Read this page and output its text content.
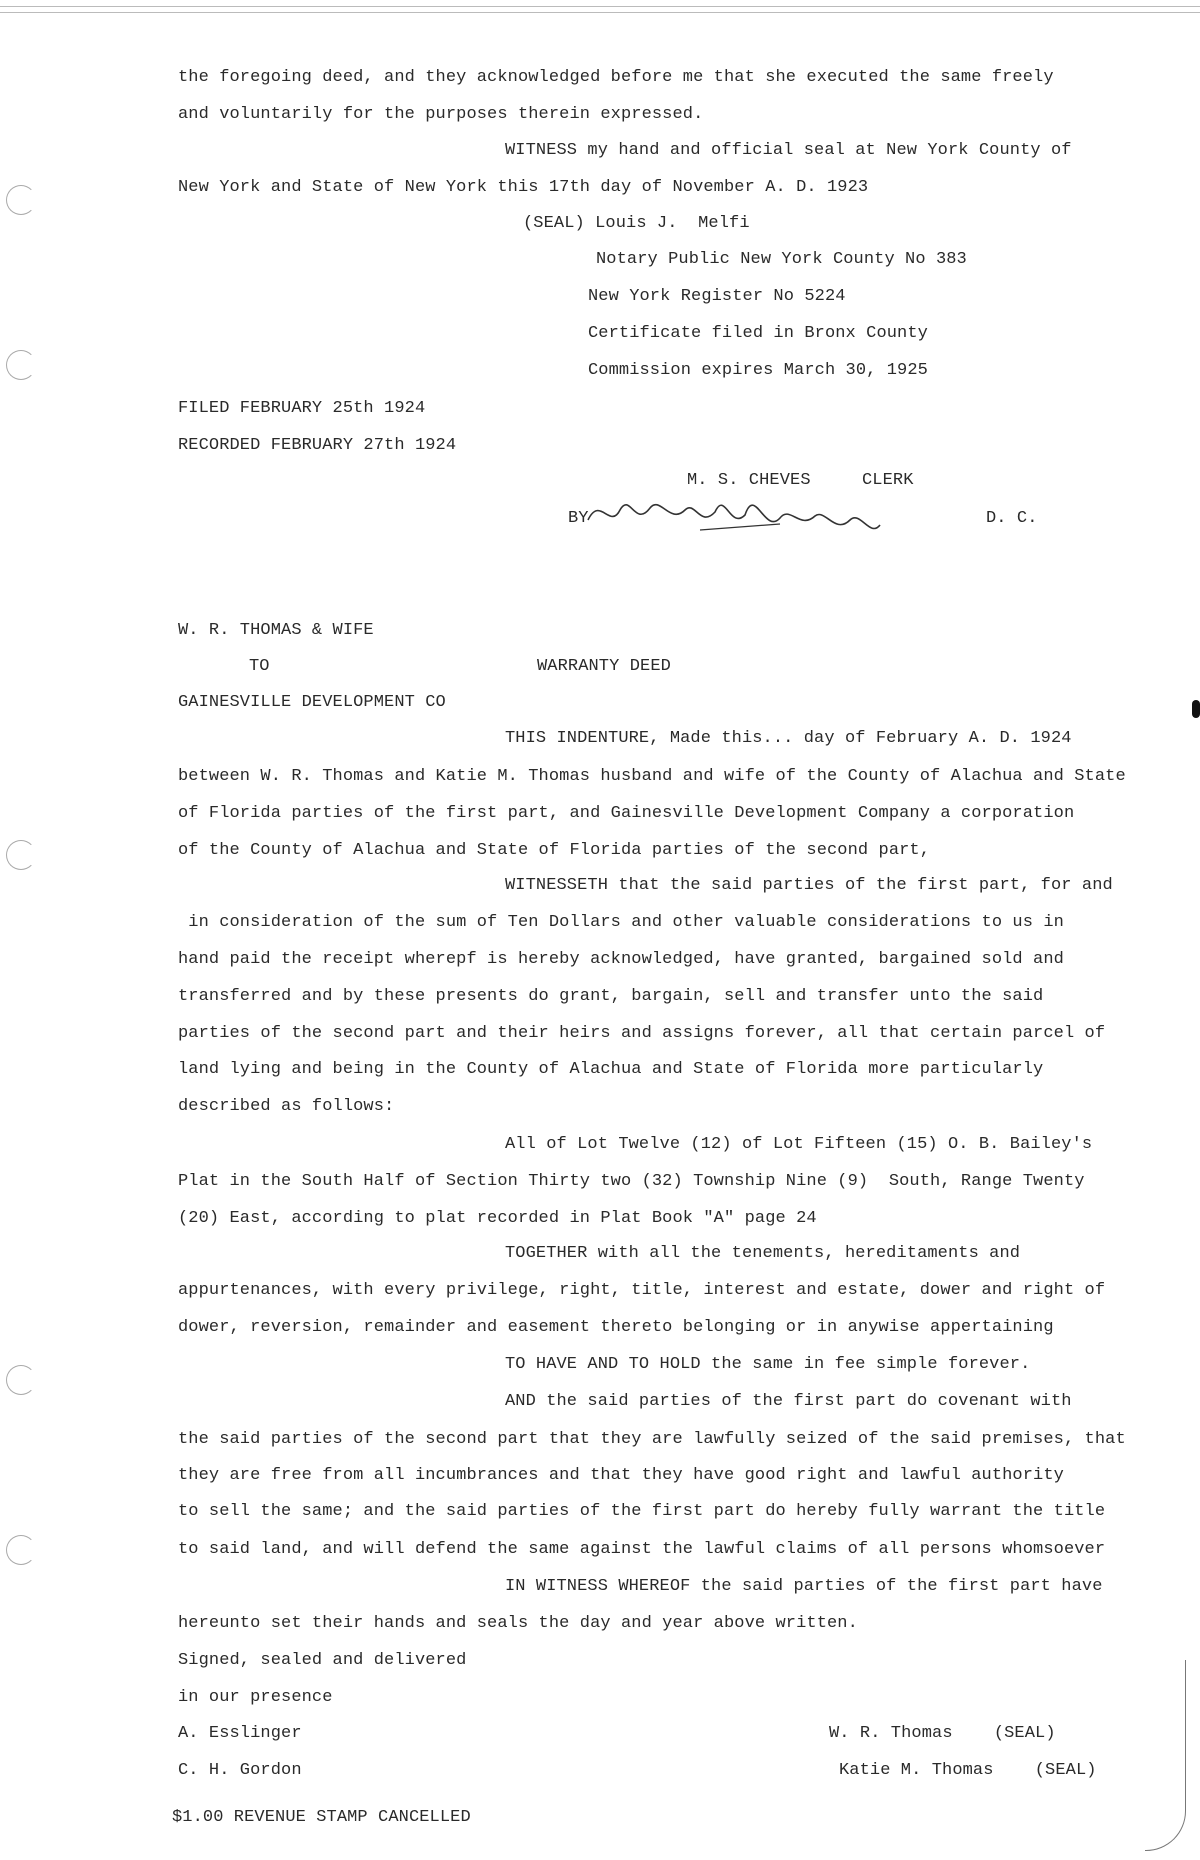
the foregoing deed, and they acknowledged before me that she executed the same freely
and voluntarily for the purposes therein expressed.
WITNESS my hand and official seal at New York County of
New York and State of New York this 17th day of November A. D. 1923
(SEAL) Louis J.  Melfi
Notary Public New York County No 383
New York Register No 5224
Certificate filed in Bronx County
Commission expires March 30, 1925
FILED FEBRUARY 25th 1924
RECORDED FEBRUARY 27th 1924
M. S. CHEVES	CLERK
BY	D. C.
W. R. THOMAS & WIFE
TO	WARRANTY DEED
GAINESVILLE DEVELOPMENT CO
THIS INDENTURE, Made this... day of February A. D. 1924
between W. R. Thomas and Katie M. Thomas husband and wife of the County of Alachua and State
of Florida parties of the first part, and Gainesville Development Company a corporation
of the County of Alachua and State of Florida parties of the second part,
WITNESSETH that the said parties of the first part, for and
in consideration of the sum of Ten Dollars and other valuable considerations to us in
hand paid the receipt wherepf is hereby acknowledged, have granted, bargained sold and
transferred and by these presents do grant, bargain, sell and transfer unto the said
parties of the second part and their heirs and assigns forever, all that certain parcel of
land lying and being in the County of Alachua and State of Florida more particularly
described as follows:
All of Lot Twelve (12) of Lot Fifteen (15) O. B. Bailey's
Plat in the South Half of Section Thirty two (32) Township Nine (9)  South, Range Twenty
(20) East, according to plat recorded in Plat Book "A" page 24
TOGETHER with all the tenements, hereditaments and
appurtenances, with every privilege, right, title, interest and estate, dower and right of
dower, reversion, remainder and easement thereto belonging or in anywise appertaining
TO HAVE AND TO HOLD the same in fee simple forever.
AND the said parties of the first part do covenant with
the said parties of the second part that they are lawfully seized of the said premises, that
they are free from all incumbrances and that they have good right and lawful authority
to sell the same; and the said parties of the first part do hereby fully warrant the title
to said land, and will defend the same against the lawful claims of all persons whomsoever
IN WITNESS WHEREOF the said parties of the first part have
hereunto set their hands and seals the day and year above written.
Signed, sealed and delivered
in our presence
A. Esslinger	W. R. Thomas    (SEAL)
C. H. Gordon	Katie M. Thomas    (SEAL)
$1.00 REVENUE STAMP CANCELLED
